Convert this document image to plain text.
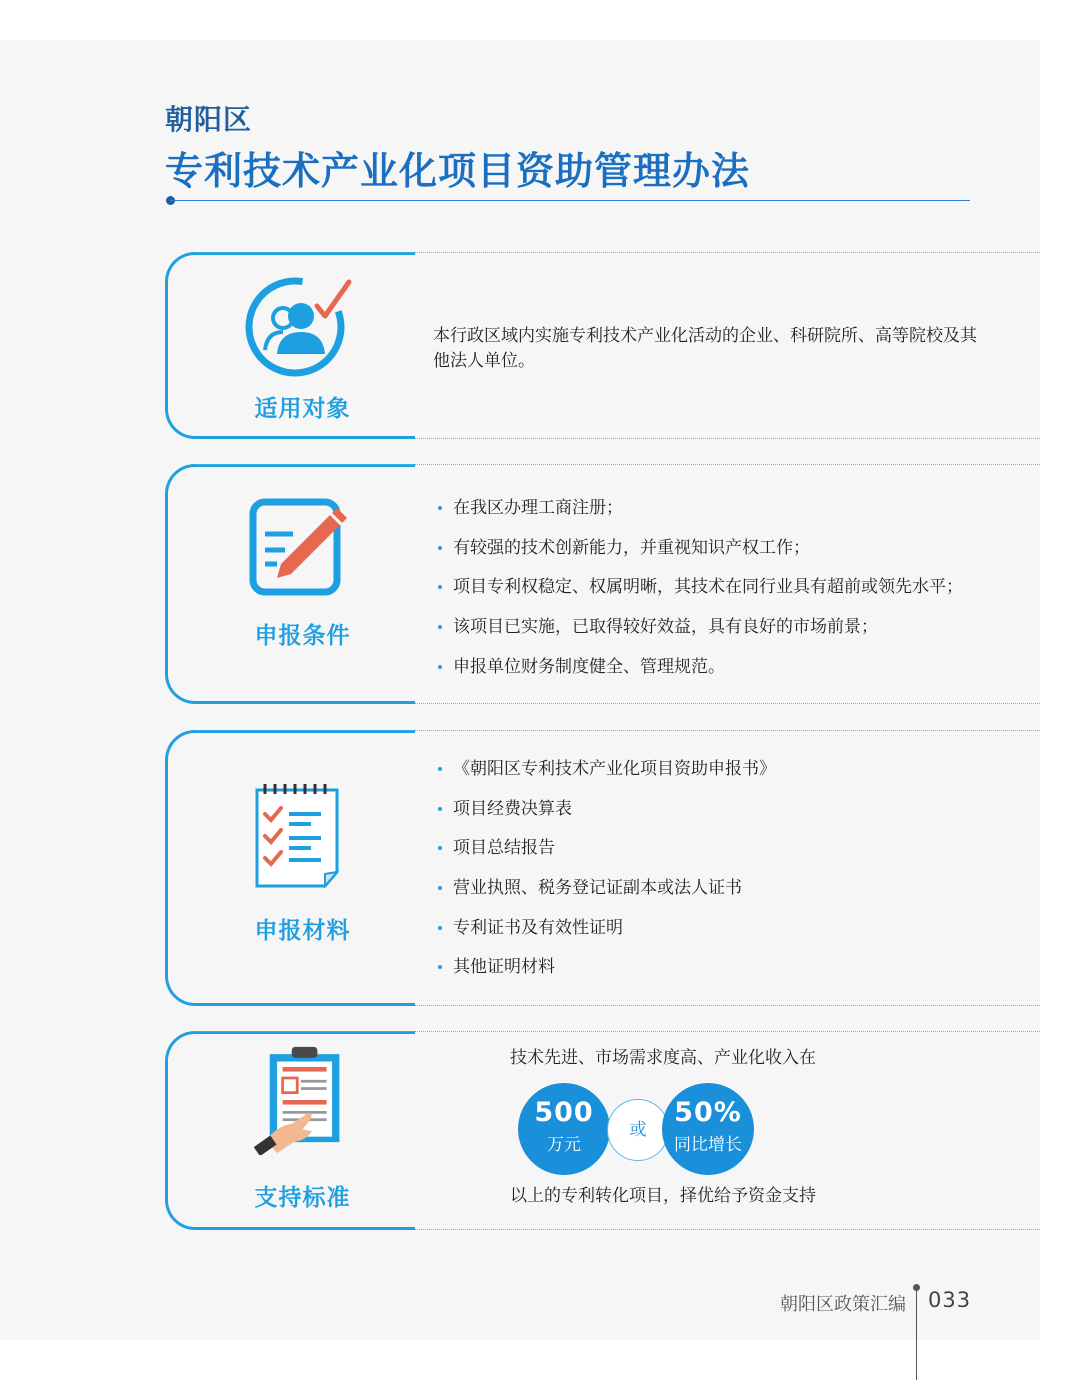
朝阳区
专利技术产业化项目资助管理办法
适用对象
本行政区域内实施专利技术产业化活动的企业、科研院所、高等院校及其他法人单位。
申报条件
在我区办理工商注册；
有较强的技术创新能力，并重视知识产权工作；
项目专利权稳定、权属明晰，其技术在同行业具有超前或领先水平；
该项目已实施，已取得较好效益，具有良好的市场前景；
申报单位财务制度健全、管理规范。
申报材料
《朝阳区专利技术产业化项目资助申报书》
项目经费决算表
项目总结报告
营业执照、税务登记证副本或法人证书
专利证书及有效性证明
其他证明材料
支持标准
技术先进、市场需求度高、产业化收入在
500
万元
或
50%
同比增长
以上的专利转化项目，择优给予资金支持
朝阳区政策汇编 033
